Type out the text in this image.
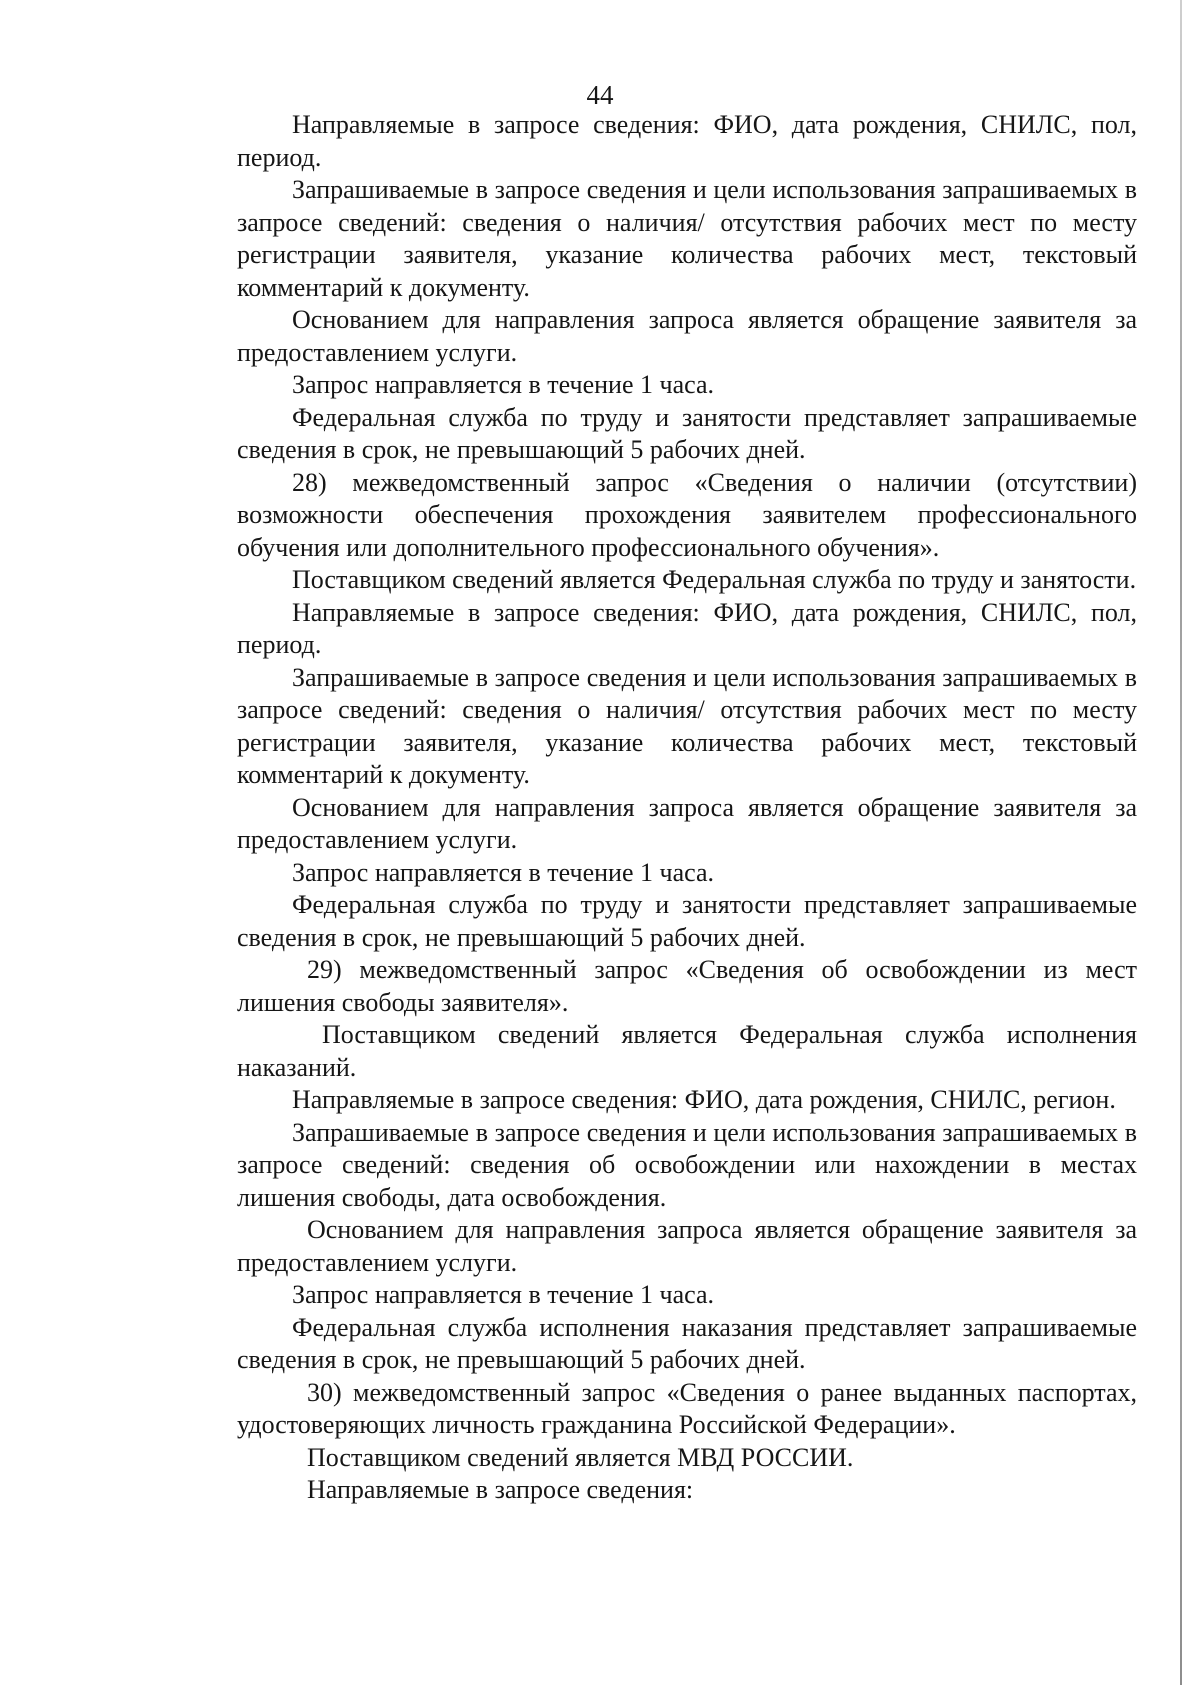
44

Направляемые в запросе сведения: ФИО, дата рождения, СНИЛС, пол, период.

Запрашиваемые в запросе сведения и цели использования запрашиваемых в запросе сведений: сведения о наличия/ отсутствия рабочих мест по месту регистрации заявителя, указание количества рабочих мест, текстовый комментарий к документу.

Основанием для направления запроса является обращение заявителя за предоставлением услуги.

Запрос направляется в течение 1 часа.

Федеральная служба по труду и занятости представляет запрашиваемые сведения в срок, не превышающий 5 рабочих дней.

28) межведомственный запрос «Сведения о наличии (отсутствии) возможности обеспечения прохождения заявителем профессионального обучения или дополнительного профессионального обучения».

Поставщиком сведений является Федеральная служба по труду и занятости.

Направляемые в запросе сведения: ФИО, дата рождения, СНИЛС, пол, период.

Запрашиваемые в запросе сведения и цели использования запрашиваемых в запросе сведений: сведения о наличия/ отсутствия рабочих мест по месту регистрации заявителя, указание количества рабочих мест, текстовый комментарий к документу.

Основанием для направления запроса является обращение заявителя за предоставлением услуги.

Запрос направляется в течение 1 часа.

Федеральная служба по труду и занятости представляет запрашиваемые сведения в срок, не превышающий 5 рабочих дней.

29) межведомственный запрос «Сведения об освобождении из мест лишения свободы заявителя».

Поставщиком сведений является Федеральная служба исполнения наказаний.

Направляемые в запросе сведения: ФИО, дата рождения, СНИЛС, регион.

Запрашиваемые в запросе сведения и цели использования запрашиваемых в запросе сведений: сведения об освобождении или нахождении в местах лишения свободы, дата освобождения.

Основанием для направления запроса является обращение заявителя за предоставлением услуги.

Запрос направляется в течение 1 часа.

Федеральная служба исполнения наказания представляет запрашиваемые сведения в срок, не превышающий 5 рабочих дней.

30) межведомственный запрос «Сведения о ранее выданных паспортах, удостоверяющих личность гражданина Российской Федерации».

Поставщиком сведений является МВД РОССИИ.

Направляемые в запросе сведения:
